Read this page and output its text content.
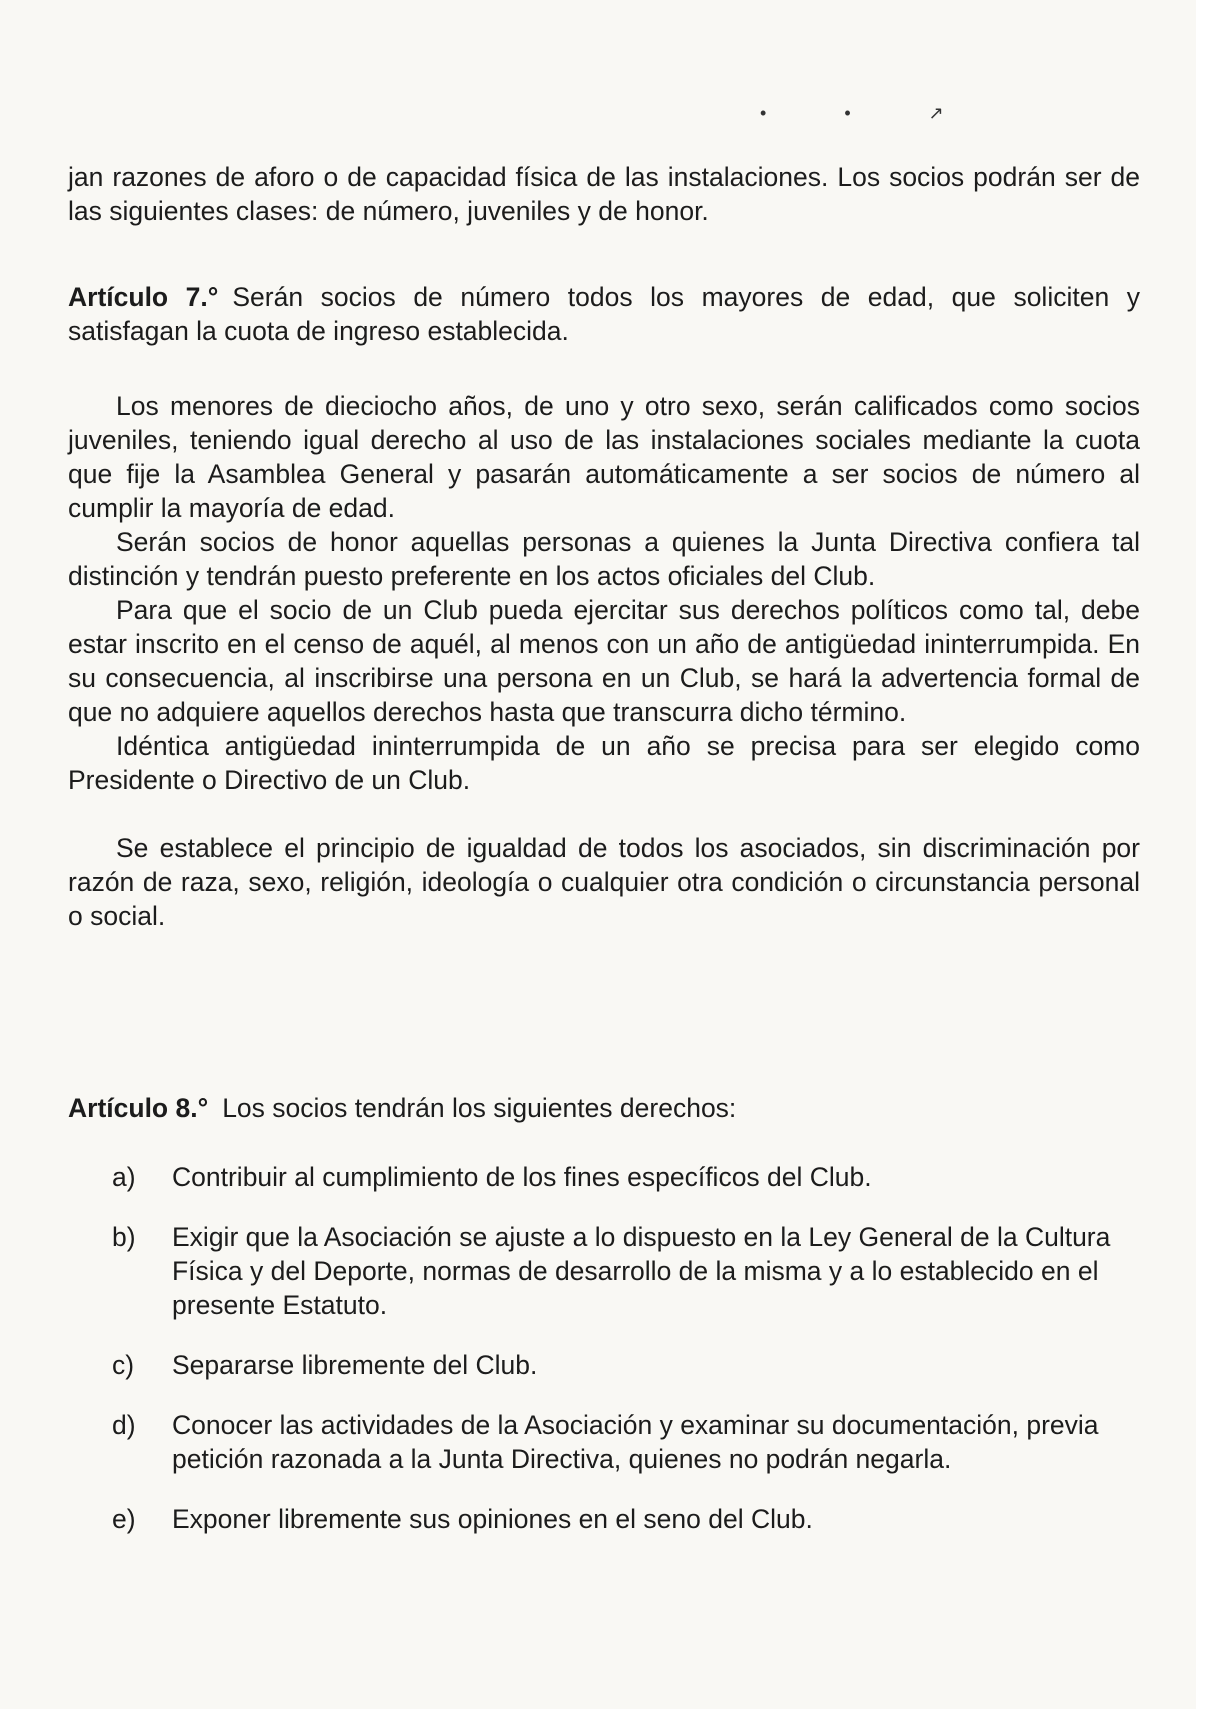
•	•	↗

jan razones de aforo o de capacidad física de las instalaciones. Los socios podrán ser de las siguientes clases: de número, juveniles y de honor.

Artículo 7.° Serán socios de número todos los mayores de edad, que soliciten y satisfagan la cuota de ingreso establecida.

Los menores de dieciocho años, de uno y otro sexo, serán calificados como socios juveniles, teniendo igual derecho al uso de las instalaciones sociales mediante la cuota que fije la Asamblea General y pasarán automáticamente a ser socios de número al cumplir la mayoría de edad.

Serán socios de honor aquellas personas a quienes la Junta Directiva confiera tal distinción y tendrán puesto preferente en los actos oficiales del Club.

Para que el socio de un Club pueda ejercitar sus derechos políticos como tal, debe estar inscrito en el censo de aquél, al menos con un año de antigüedad ininterrumpida. En su consecuencia, al inscribirse una persona en un Club, se hará la advertencia formal de que no adquiere aquellos derechos hasta que transcurra dicho término.

Idéntica antigüedad ininterrumpida de un año se precisa para ser elegido como Presidente o Directivo de un Club.

Se establece el principio de igualdad de todos los asociados, sin discriminación por razón de raza, sexo, religión, ideología o cualquier otra condición o circunstancia personal o social.

Artículo 8.° Los socios tendrán los siguientes derechos:

a) Contribuir al cumplimiento de los fines específicos del Club.

b) Exigir que la Asociación se ajuste a lo dispuesto en la Ley General de la Cultura Física y del Deporte, normas de desarrollo de la misma y a lo establecido en el presente Estatuto.

c) Separarse libremente del Club.

d) Conocer las actividades de la Asociación y examinar su documentación, previa petición razonada a la Junta Directiva, quienes no podrán negarla.

e) Exponer libremente sus opiniones en el seno del Club.
